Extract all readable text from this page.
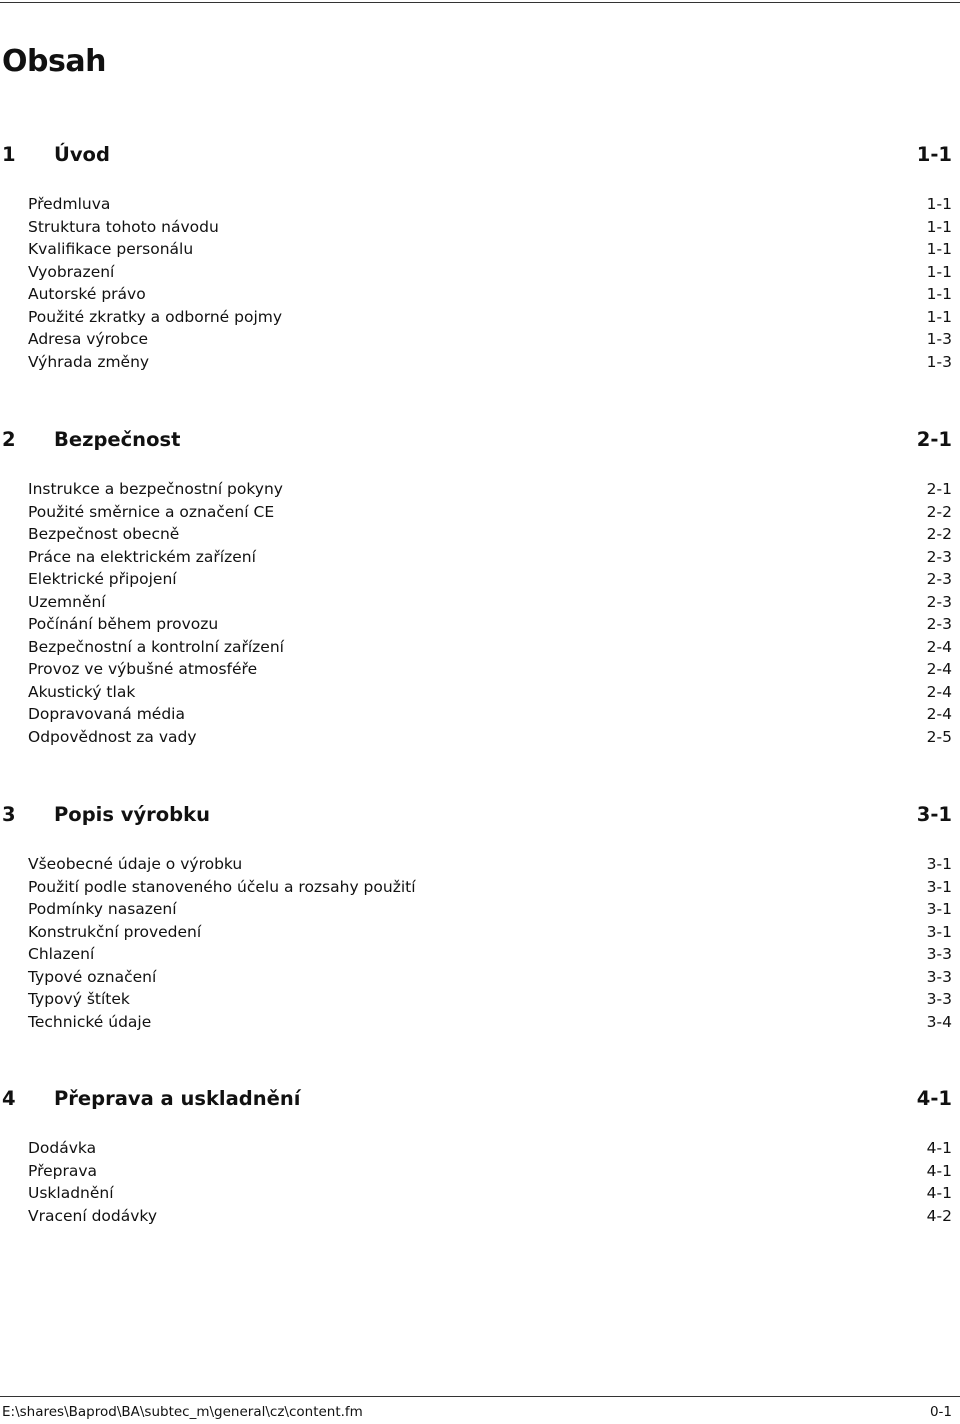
Obsah
1 Úvod	1-1
Předmluva	1-1
Struktura tohoto návodu	1-1
Kvalifikace personálu	1-1
Vyobrazení	1-1
Autorské právo	1-1
Použité zkratky a odborné pojmy	1-1
Adresa výrobce	1-3
Výhrada změny	1-3
2 Bezpečnost	2-1
Instrukce a bezpečnostní pokyny	2-1
Použité směrnice a označení CE	2-2
Bezpečnost obecně	2-2
Práce na elektrickém zařízení	2-3
Elektrické připojení	2-3
Uzemnění	2-3
Počínání během provozu	2-3
Bezpečnostní a kontrolní zařízení	2-4
Provoz ve výbušné atmosféře	2-4
Akustický tlak	2-4
Dopravovaná média	2-4
Odpovědnost za vady	2-5
3 Popis výrobku	3-1
Všeobecné údaje o výrobku	3-1
Použití podle stanoveného účelu a rozsahy použití	3-1
Podmínky nasazení	3-1
Konstrukční provedení	3-1
Chlazení	3-3
Typové označení	3-3
Typový štítek	3-3
Technické údaje	3-4
4 Přeprava a uskladnění	4-1
Dodávka	4-1
Přeprava	4-1
Uskladnění	4-1
Vracení dodávky	4-2
E:\shares\Baprod\BA\subtec_m\general\cz\content.fm	0-1
